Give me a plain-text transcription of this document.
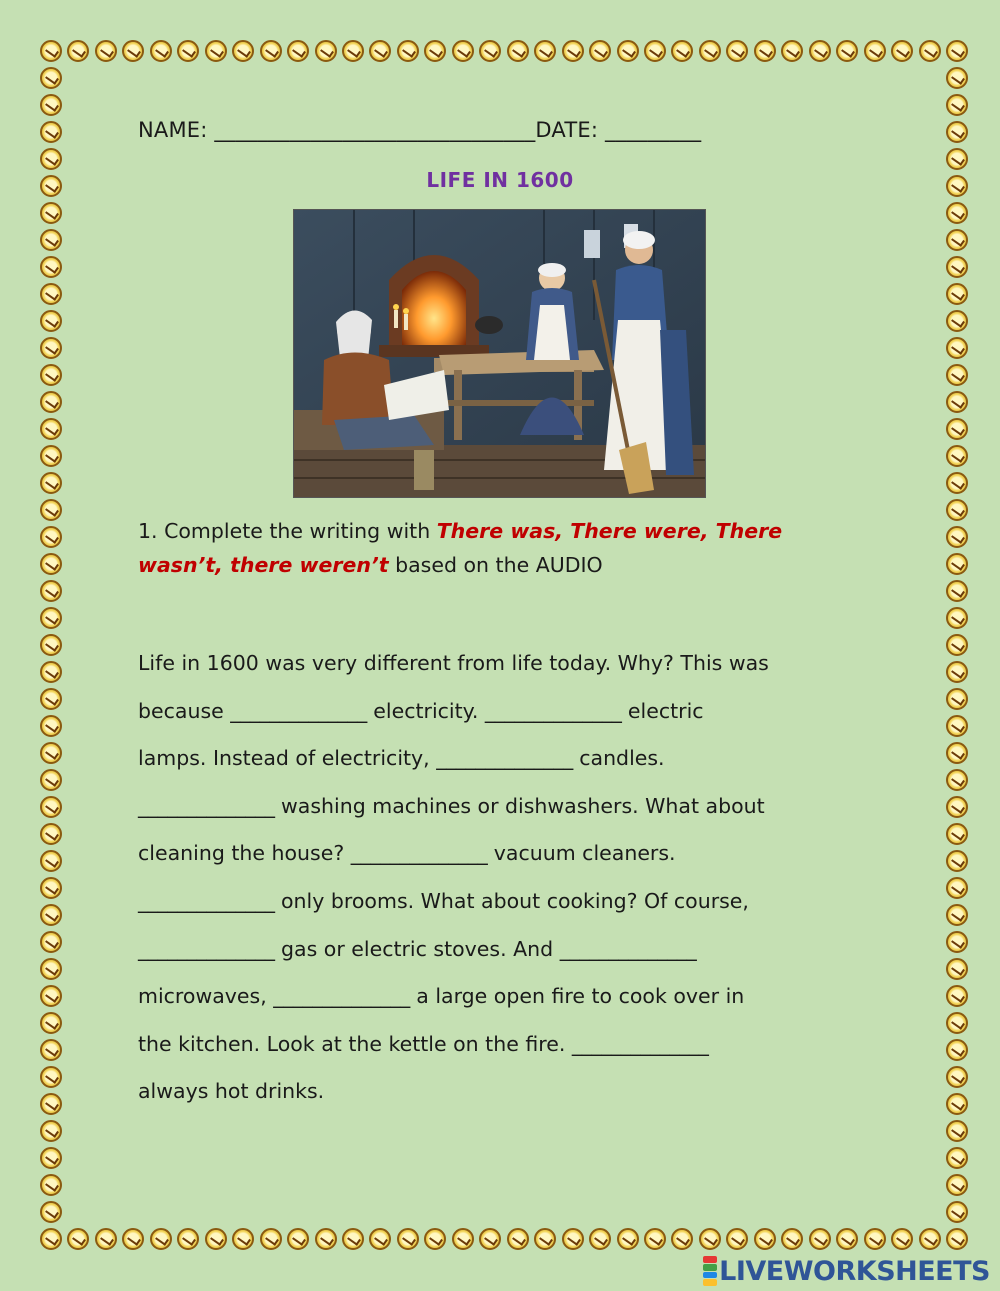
NAME: ______________________________DATE: _________
LIFE IN 1600
1. Complete the writing with There was, There were, There
wasn’t, there weren’t based on the AUDIO
Life in 1600 was very different from life today. Why? This was
because ______________ electricity. ______________ electric
lamps. Instead of electricity, ______________ candles.
______________ washing machines or dishwashers. What about
cleaning the house? ______________ vacuum cleaners.
______________ only brooms. What about cooking? Of course,
______________ gas or electric stoves. And ______________
microwaves, ______________ a large open fire to cook over in
the kitchen. Look at the kettle on the fire. ______________
always hot drinks.
LIVEWORKSHEETS
